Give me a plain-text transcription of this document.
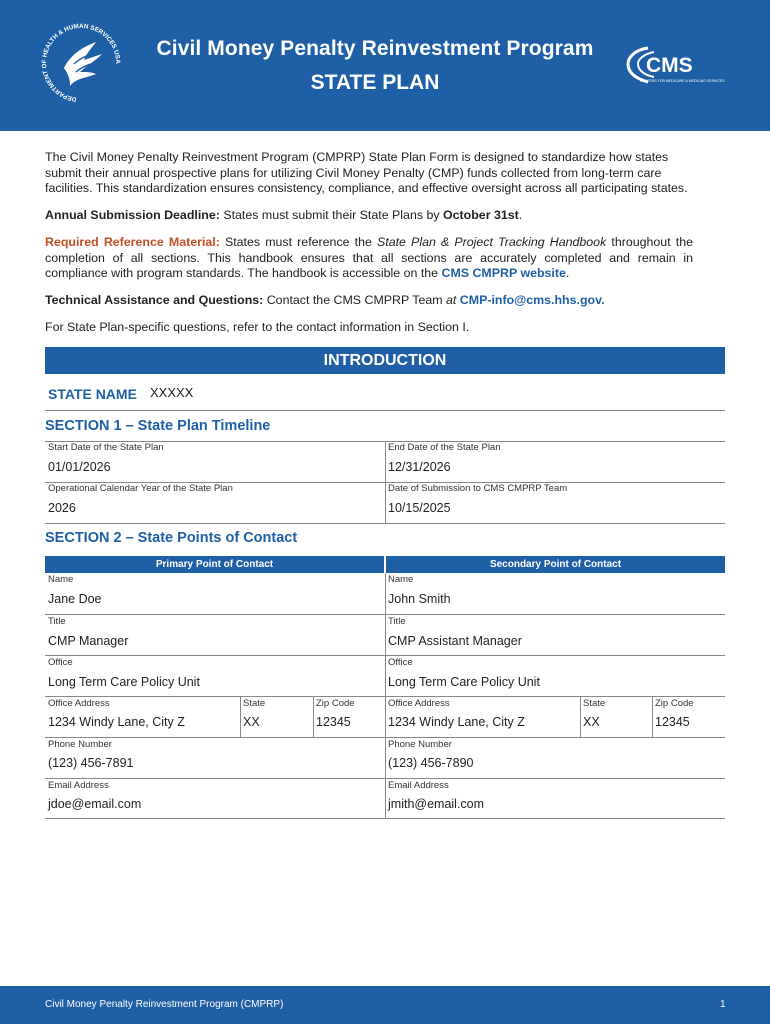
DEPARTMENT OF HEALTH & HUMAN SERVICES USA
Civil Money Penalty Reinvestment Program
STATE PLAN
CMS
CENTERS FOR MEDICARE & MEDICAID SERVICES
The Civil Money Penalty Reinvestment Program (CMPRP) State Plan Form is designed to standardize how states submit their annual prospective plans for utilizing Civil Money Penalty (CMP) funds collected from long-term care facilities. This standardization ensures consistency, compliance, and effective oversight across all participating states.
Annual Submission Deadline: States must submit their State Plans by October 31st.
Required Reference Material: States must reference the State Plan & Project Tracking Handbook throughout the completion of all sections. This handbook ensures that all sections are accurately completed and remain in compliance with program standards. The handbook is accessible on the CMS CMPRP website.
Technical Assistance and Questions: Contact the CMS CMPRP Team at CMP-info@cms.hhs.gov.
For State Plan-specific questions, refer to the contact information in Section I.
INTRODUCTION
STATE NAME XXXXX
SECTION 1 – State Plan Timeline
Start Date of the State Plan	End Date of the State Plan
01/01/2026	12/31/2026
Operational Calendar Year of the State Plan	Date of Submission to CMS CMPRP Team
2026	10/15/2025
SECTION 2 – State Points of Contact
Primary Point of Contact	Secondary Point of Contact
Name	Name
Jane Doe	John Smith
Title	Title
CMP Manager	CMP Assistant Manager
Office	Office
Long Term Care Policy Unit	Long Term Care Policy Unit
Office Address	State	Zip Code	Office Address	State	Zip Code
1234 Windy Lane, City Z	XX	12345	1234 Windy Lane, City Z	XX	12345
Phone Number	Phone Number
(123) 456-7891	(123) 456-7890
Email Address	Email Address
jdoe@email.com	jmith@email.com
Civil Money Penalty Reinvestment Program (CMPRP)	1
